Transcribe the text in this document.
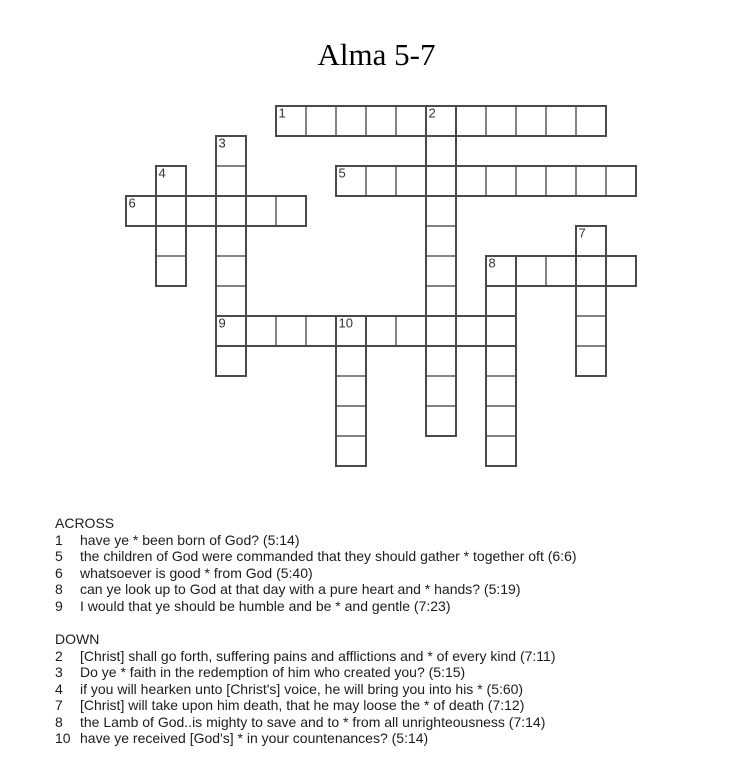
Alma 5-7
1	2
3
4	5
6
7
8
9	10
ACROSS
1	have ye * been born of God? (5:14)
5	the children of God were commanded that they should gather * together oft (6:6)
6	whatsoever is good * from God (5:40)
8	can ye look up to God at that day with a pure heart and * hands? (5:19)
9	I would that ye should be humble and be * and gentle (7:23)
DOWN
2	[Christ] shall go forth, suffering pains and afflictions and * of every kind (7:11)
3	Do ye * faith in the redemption of him who created you? (5:15)
4	if you will hearken unto [Christ's] voice, he will bring you into his * (5:60)
7	[Christ] will take upon him death, that he may loose the * of death (7:12)
8	the Lamb of God..is mighty to save and to * from all unrighteousness (7:14)
10 have ye received [God's] * in your countenances? (5:14)
